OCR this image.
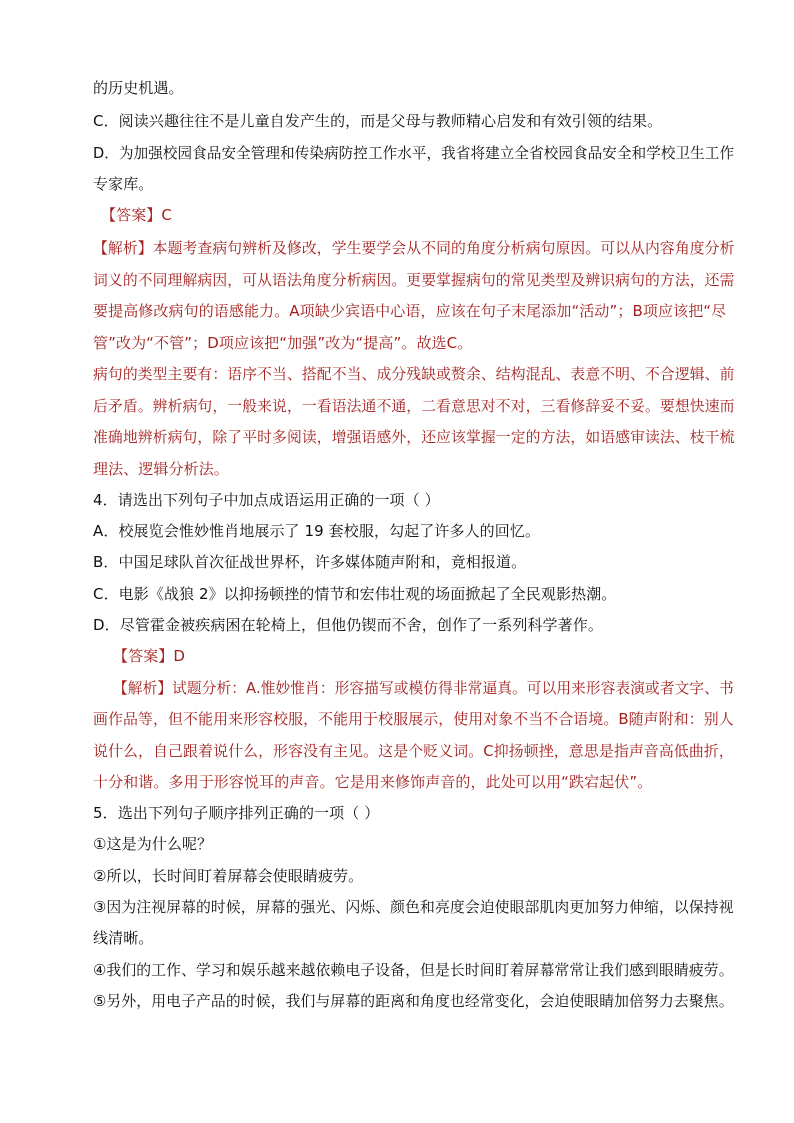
的历史机遇。
C．阅读兴趣往往不是儿童自发产生的，而是父母与教师精心启发和有效引领的结果。
D．为加强校园食品安全管理和传染病防控工作水平，我省将建立全省校园食品安全和学校卫生工作
专家库。
【答案】C
【解析】本题考查病句辨析及修改，学生要学会从不同的角度分析病句原因。可以从内容角度分析
词义的不同理解病因，可从语法角度分析病因。更要掌握病句的常见类型及辨识病句的方法，还需
要提高修改病句的语感能力。A项缺少宾语中心语，应该在句子末尾添加“活动”；B项应该把“尽
管”改为“不管”；D项应该把“加强”改为“提高”。故选C。
病句的类型主要有：语序不当、搭配不当、成分残缺或赘余、结构混乱、表意不明、不合逻辑、前
后矛盾。辨析病句，一般来说，一看语法通不通，二看意思对不对，三看修辞妥不妥。要想快速而
准确地辨析病句，除了平时多阅读，增强语感外，还应该掌握一定的方法，如语感审读法、枝干梳
理法、逻辑分析法。
4．请选出下列句子中加点成语运用正确的一项（ ）
A．校展览会惟妙惟肖地展示了 19 套校服，勾起了许多人的回忆。
B．中国足球队首次征战世界杯，许多媒体随声附和，竟相报道。
C．电影《战狼 2》以抑扬顿挫的情节和宏伟壮观的场面掀起了全民观影热潮。
D．尽管霍金被疾病困在轮椅上，但他仍锲而不舍，创作了一系列科学著作。
【答案】D
【解析】试题分析：A.惟妙惟肖：形容描写或模仿得非常逼真。可以用来形容表演或者文字、书
画作品等，但不能用来形容校服，不能用于校服展示，使用对象不当不合语境。B随声附和：别人
说什么，自己跟着说什么，形容没有主见。这是个贬义词。C抑扬顿挫，意思是指声音高低曲折，
十分和谐。多用于形容悦耳的声音。它是用来修饰声音的，此处可以用“跌宕起伏”。
5．选出下列句子顺序排列正确的一项（ ）
①这是为什么呢？
②所以，长时间盯着屏幕会使眼睛疲劳。
③因为注视屏幕的时候，屏幕的强光、闪烁、颜色和亮度会迫使眼部肌肉更加努力伸缩，以保持视
线清晰。
④我们的工作、学习和娱乐越来越依赖电子设备，但是长时间盯着屏幕常常让我们感到眼睛疲劳。
⑤另外，用电子产品的时候，我们与屏幕的距离和角度也经常变化，会迫使眼睛加倍努力去聚焦。
